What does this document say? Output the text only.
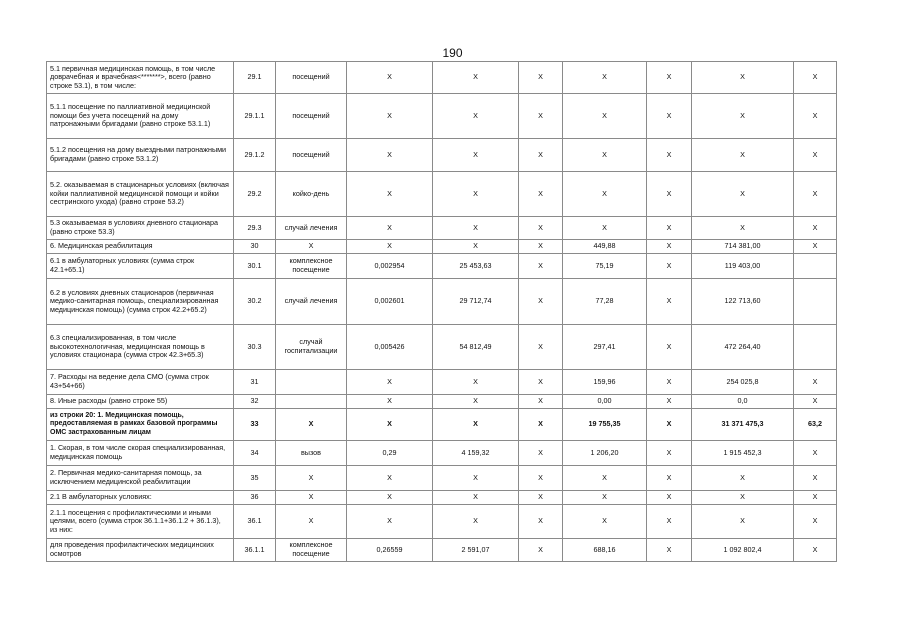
190
5.1 первичная медицинская помощь, в том числе доврачебная и врачебная<*******>, всего (равно строке 53.1), в том числе:	29.1	посещений	X	X	X	X	X	X	X
5.1.1 посещение по паллиативной медицинской помощи без учета посещений на дому патронажными бригадами (равно строке 53.1.1)	29.1.1	посещений	X	X	X	X	X	X	X
5.1.2 посещения на дому выездными патронажными бригадами (равно строке 53.1.2)	29.1.2	посещений	X	X	X	X	X	X	X
5.2. оказываемая в стационарных условиях (включая койки паллиативной медицинской помощи и койки сестринского ухода) (равно строке 53.2)	29.2	койко-день	X	X	X	X	X	X	X
5.3 оказываемая в условиях дневного стационара (равно строке 53.3)	29.3	случай лечения	X	X	X	X	X	X	X
6. Медицинская реабилитация	30	X	X	X	X	449,88	X	714 381,00	X
6.1 в амбулаторных условиях (сумма строк 42.1+65.1)	30.1	комплексное посещение	0,002954	25 453,63	X	75,19	X	119 403,00	
6.2 в условиях дневных стационаров (первичная медико-санитарная помощь, специализированная медицинская помощь) (сумма строк 42.2+65.2)	30.2	случай лечения	0,002601	29 712,74	X	77,28	X	122 713,60	
6.3 специализированная, в том числе высокотехнологичная, медицинская помощь в условиях стационара (сумма строк 42.3+65.3)	30.3	случай госпитализации	0,005426	54 812,49	X	297,41	X	472 264,40	
7. Расходы на ведение дела СМО (сумма строк 43+54+66)	31		X	X	X	159,96	X	254 025,8	X
8. Иные расходы (равно строке 55)	32		X	X	X	0,00	X	0,0	X
из строки 20: 1. Медицинская помощь, предоставляемая в рамках базовой программы ОМС застрахованным лицам	33	X	X	X	X	19 755,35	X	31 371 475,3	63,2
1. Скорая, в том числе скорая специализированная, медицинская помощь	34	вызов	0,29	4 159,32	X	1 206,20	X	1 915 452,3	X
2. Первичная медико-санитарная помощь, за исключением медицинской реабилитации	35	X	X	X	X	X	X	X	X
2.1 В амбулаторных условиях:	36	X	X	X	X	X	X	X	X
2.1.1 посещения с профилактическими и иными целями, всего (сумма строк 36.1.1+36.1.2 + 36.1.3), из них:	36.1	X	X	X	X	X	X	X	X
для проведения профилактических медицинских осмотров	36.1.1	комплексное посещение	0,26559	2 591,07	X	688,16	X	1 092 802,4	X
